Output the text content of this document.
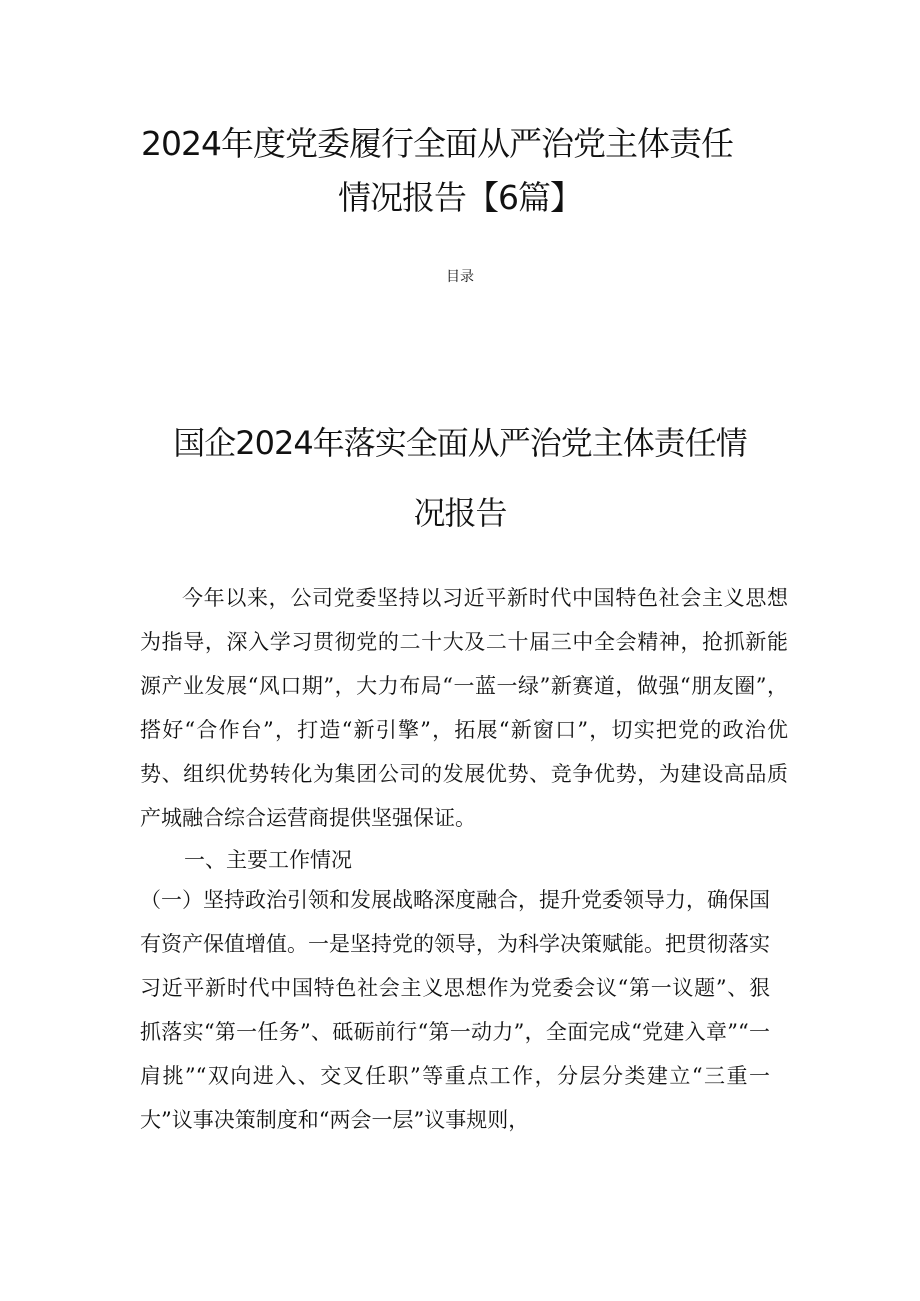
2024年度党委履行全面从严治党主体责任
情况报告【6篇】
目录
国企2024年落实全面从严治党主体责任情
况报告

今年以来，公司党委坚持以习近平新时代中国特色社会主义思想为指导，深入学习贯彻党的二十大及二十届三中全会精神，抢抓新能源产业发展“风口期”，大力布局“一蓝一绿”新赛道，做强“朋友圈”，搭好“合作台”，打造“新引擎”，拓展“新窗口”，切实把党的政治优势、组织优势转化为集团公司的发展优势、竞争优势，为建设高品质产城融合综合运营商提供坚强保证。

一、主要工作情况

（一）坚持政治引领和发展战略深度融合，提升党委领导力，确保国有资产保值增值。一是坚持党的领导，为科学决策赋能。把贯彻落实习近平新时代中国特色社会主义思想作为党委会议“第一议题”、狠抓落实“第一任务”、砥砺前行“第一动力”，全面完成“党建入章”“一肩挑”“双向进入、交叉任职”等重点工作，分层分类建立“三重一大”议事决策制度和“两会一层”议事规则，
